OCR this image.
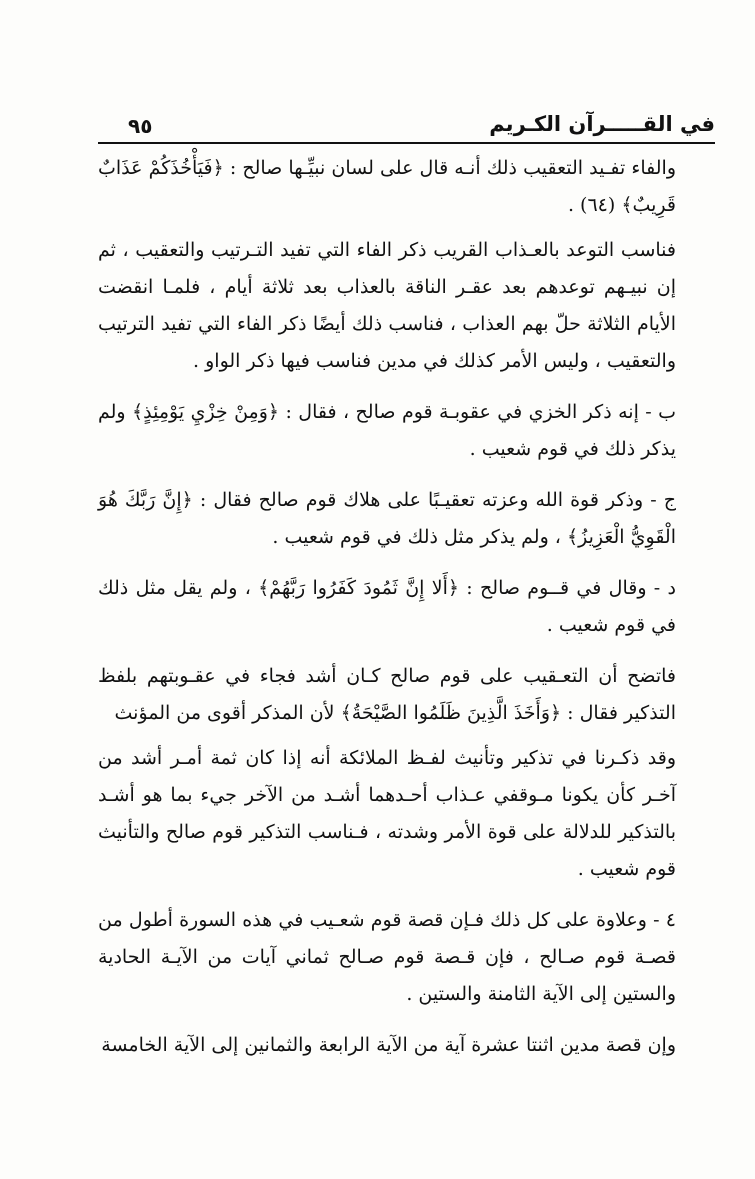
في القـــــرآن الكـريم
٩٥

والفاء تفـيد التعقيب ذلك أنـه قال على لسان نبيِّـها صالح : ﴿فَيَأْخُذَكُمْ عَذَابٌ قَرِيبٌ﴾ (٦٤) .

فناسب التوعد بالعـذاب القريب ذكر الفاء التي تفيد التـرتيب والتعقيب ، ثم إن نبيـهم توعدهم بعد عقـر الناقة بالعذاب بعد ثلاثة أيام ، فلمـا انقضت الأيام الثلاثة حلّ بهم العذاب ، فناسب ذلك أيضًا ذكر الفاء التي تفيد الترتيب والتعقيب ، وليس الأمر كذلك في مدين فناسب فيها ذكر الواو .

ب - إنه ذكر الخزي في عقوبـة قوم صالح ، فقال : ﴿وَمِنْ خِزْيِ يَوْمِئِذٍ﴾ ولم يذكر ذلك في قوم شعيب .

ج - وذكر قوة الله وعزته تعقيـبًا على هلاك قوم صالح فقال : ﴿إِنَّ رَبَّكَ هُوَ الْقَوِيُّ الْعَزِيزُ﴾ ، ولم يذكر مثل ذلك في قوم شعيب .

د - وقال في قــوم صالح : ﴿أَلا إِنَّ ثَمُودَ كَفَرُوا رَبَّهُمْ﴾ ، ولم يقل مثل ذلك في قوم شعيب .

فاتضح أن التعـقيب على قوم صالح كـان أشد فجاء في عقـوبتهم بلفظ التذكير فقال : ﴿وَأَخَذَ الَّذِينَ ظَلَمُوا الصَّيْحَةُ﴾ لأن المذكر أقوى من المؤنث

وقد ذكـرنا في تذكير وتأنيث لفـظ الملائكة أنه إذا كان ثمة أمـر أشد من آخـر كأن يكونا مـوقفي عـذاب أحـدهما أشـد من الآخر جيء بما هو أشـد بالتذكير للدلالة على قوة الأمر وشدته ، فـناسب التذكير قوم صالح والتأنيث قوم شعيب .

٤ - وعلاوة على كل ذلك فـإن قصة قوم شعـيب في هذه السورة أطول من قصـة قوم صـالح ، فإن قـصة قوم صـالح ثماني آيات من الآيـة الحادية والستين إلى الآية الثامنة والستين .

وإن قصة مدين اثنتا عشرة آية من الآية الرابعة والثمانين إلى الآية الخامسة
